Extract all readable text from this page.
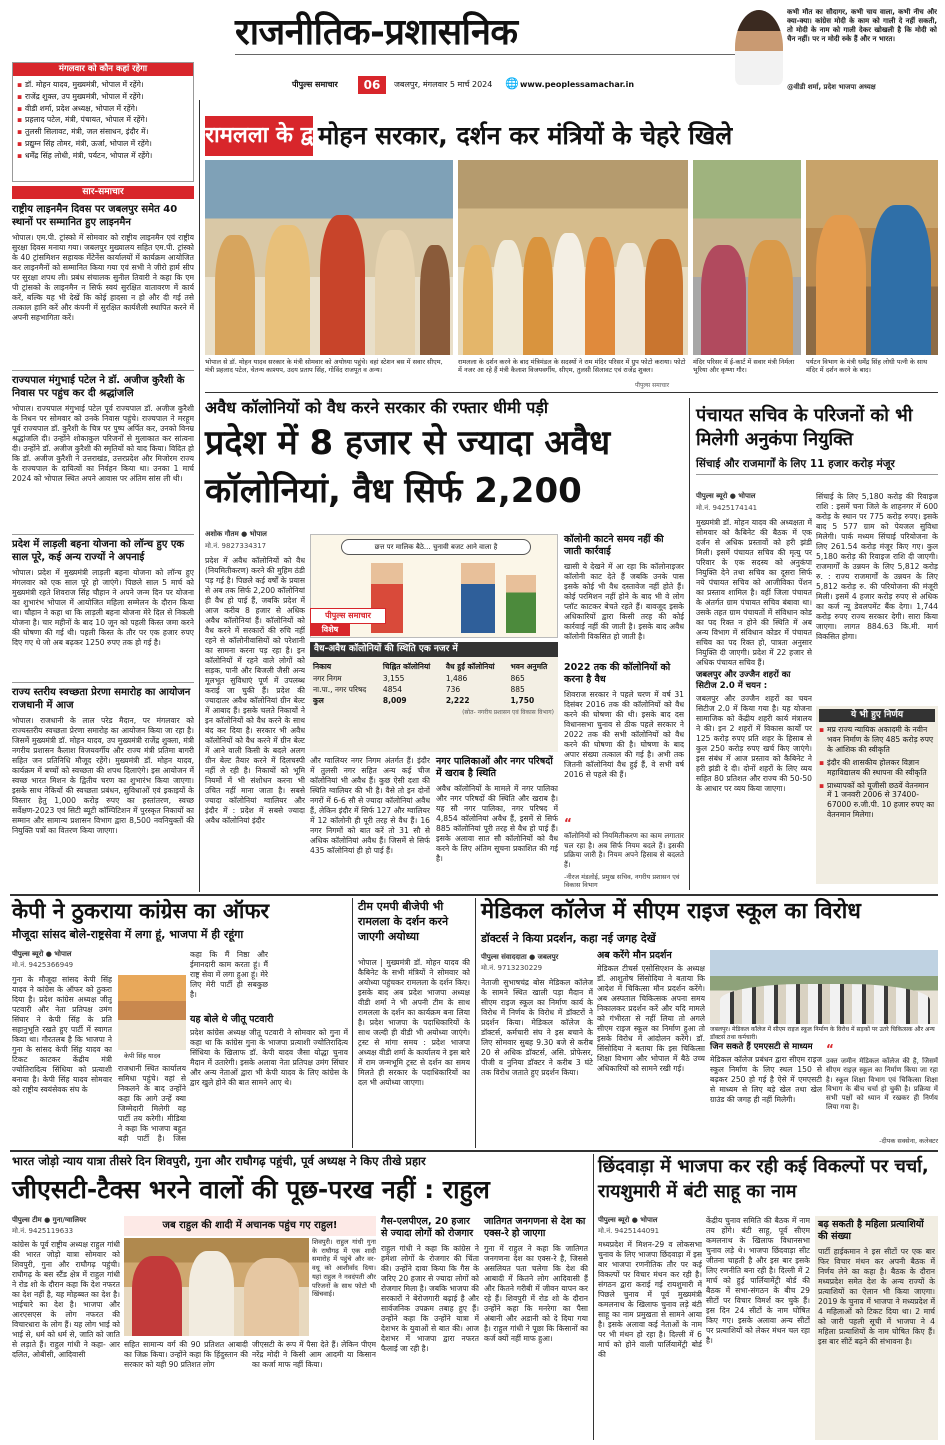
राजनीतिक-प्रशासनिक
पीपुल्स समाचार	06	जबलपुर, मंगलवार 5 मार्च 2024 🌐 www.peoplessamachar.in
कभी मौत का सौदागर, कभी चाय वाला, कभी नीच और क्या-क्या। कांग्रेस मोदी के काम को गाली दे नहीं सकती, तो मोदी के नाम को गाली देकर खोखली है कि मोदी को चैन नहीं। पर न मोदी रुके हैं और न भारत।
@वीडी शर्मा, प्रदेश भाजपा अध्यक्ष
मंगलवार को कौन कहां रहेगा
▪ डॉ. मोहन यादव, मुख्यमंत्री, भोपाल में रहेंगे।
▪ राजेंद्र शुक्ल, उप मुख्यमंत्री, भोपाल में रहेंगे।
▪ वीडी शर्मा, प्रदेश अध्यक्ष, भोपाल में रहेंगे।
▪ प्रहलाद पटेल, मंत्री, पंचायत, भोपाल में रहेंगे।
▪ तुलसी सिलावट, मंत्री, जल संसाधन, इंदौर में।
▪ प्रद्युम्न सिंह तोमर, मंत्री, ऊर्जा, भोपाल में रहेंगे।
▪ धर्मेंद्र सिंह लोधी, मंत्री, पर्यटन, भोपाल में रहेंगे।
सार-समाचार
राष्ट्रीय लाइनमैन दिवस पर जबलपुर समेत 40 स्थानों पर सम्मानित हुए लाइनमैन
भोपाल। एम.पी. ट्रांस्को में सोमवार को राष्ट्रीय लाइनमैन एवं राष्ट्रीय सुरक्षा दिवस मनाया गया। जबलपुर मुख्यालय सहित एम.पी. ट्रांस्को के 40 ट्रांसमिशन सहायक मेंटेनेंस कार्यालयों में कार्यक्रम आयोजित कर लाइनमैनों को सम्मानित किया गया एवं सभी ने जीरो हार्म सीप पर सुरक्षा शपथ ली। प्रबंध संचालक सुनील तिवारी ने कहा कि एम पी ट्रांसको के लाइनमैन न सिर्फ स्वयं सुरक्षित वातावरण में कार्य करें, बल्कि यह भी देखें कि कोई हादसा न हो और दी गई तसे तत्काल हानि करें और कंपनी में सुरक्षित कार्यशैली स्थापित करने में अपनी सहभागिता करें।
राज्यपाल मंगुभाई पटेल ने डॉ. अजीज कुरैशी के निवास पर पहुंच कर दी श्रद्धांजलि
भोपाल। राज्यपाल मंगुभाई पटेल पूर्व राज्यपाल डॉ. अजीज कुरैशी के निधन पर सोमवार को उनके निवास पहुंचे। राज्यपाल ने मरहूम पूर्व राज्यपाल डॉ. कुरैशी के चित्र पर पुष्प अर्पित कर, उनको विनम्र श्रद्धांजलि दी। उन्होंने शोकाकुल परिजनों से मुलाकात कर सांत्वना दी। उन्होंने डॉ. अजीज कुरैशी की स्मृतियों को याद किया। विदित हो कि डॉ. अजीज कुरैशी ने उत्तराखंड, उत्तरप्रदेश और मिजोरम राज्य के राज्यपाल के दायित्वों का निर्वहन किया था। उनका 1 मार्च 2024 को भोपाल स्थित अपने आवास पर अंतिम सांस ली थी।
प्रदेश में लाड़ली बहना योजना को लॉन्च हुए एक साल पूरे, कई अन्य राज्यों ने अपनाई
भोपाल। प्रदेश में मुख्यमंत्री लाड़ली बहना योजना को लॉन्च हुए मंगलवार को एक साल पूरे हो जाएंगे। पिछले साल 5 मार्च को मुख्यमंत्री रहते शिवराज सिंह चौहान ने अपने जन्म दिन पर योजना का शुभारंभ भोपाल में आयोजित महिला सम्मेलन के दौरान किया था। चौहान ने कहा था कि लाड़ली बहना योजना मेरे दिल से निकली योजना है। चार महीनों के बाद 10 जून को पहली किस्त जमा करने की घोषणा की गई थी। पहली किस्त के तौर पर एक हजार रुपए दिए गए थे जो अब बढ़कर 1250 रुपए तक हो गई है।
राज्य स्तरीय स्वच्छता प्रेरणा समारोह का आयोजन राजधानी में आज
भोपाल। राजधानी के लाल परेड मैदान, पर मंगलवार को राज्यस्तरीय स्वच्छता प्रेरणा समारोह का आयोजन किया जा रहा है। जिसमें मुख्यमंत्री डॉ. मोहन यादव, उप मुख्यमंत्री राजेंद्र शुक्ला, मंत्री नगरीय प्रशासन कैलाश विजयवर्गीय और राज्य मंत्री प्रतिमा बागरी सहित जन प्रतिनिधि मौजूद रहेंगे। मुख्यमंत्री डॉ. मोहन यादव, कार्यक्रम में बच्चों को स्वच्छता की शपथ दिलाएंगे। इस आयोजन में स्वच्छ भारत मिशन के द्वितीय चरण का शुभारंभ किया जाएगा। इसके साथ नेकियों की स्वच्छता प्रबंधन, सुविधाओं एवं इकाइयों के विस्तार हेतु 1,000 करोड़ रुपए का हस्तांतरण, स्वच्छ सर्वेक्षण-2023 एवं सिटी ब्यूटी कॉम्पिटिशन में पुरस्कृत निकायों का सम्मान और सामान्य प्रशासन विभाग द्वारा 8,500 नवनियुक्तों की नियुक्ति पत्रों का वितरण किया जाएगा।
रामलला के द्वार
मोहन सरकार, दर्शन कर मंत्रियों के चेहरे खिले
भोपाल से डॉ. मोहन यादव सरकार के मंत्री सोमवार को अयोध्या पहुंचे। वहां स्टेशन बस में सवार सीएम, मंत्री प्रहलाद पटेल, चेतन्य काश्यप, उदय प्रताप सिंह, गोविंद राजपूत व अन्य।
रामलला के दर्शन करने के बाद मंत्रिमंडल के सदस्यों ने राम मंदिर परिसर में ग्रुप फोटो कराया। फोटो में नजर आ रहे हैं मंत्री कैलाश विजयवर्गीय, सीएम, तुलसी सिलावट एवं राजेंद्र शुक्ल।
पीपुल्स समाचार
मंदिर परिसर में ई-कार्ट में सवार मंत्री निर्मला भूरिया और कृष्णा गौर।
पर्यटन विभाग के मंत्री धर्मेंद्र सिंह लोधी पत्नी के साथ मंदिर में दर्शन करने के बाद।
अवैध कॉलोनियों को वैध करने सरकार की रफ्तार धीमी पड़ी
प्रदेश में 8 हजार से ज्यादा अवैध
कॉलोनियां, वैध सिर्फ 2,200
अशोक गौतम ● भोपाल
मो.नं. 9827334317
प्रदेश में अवैध कॉलोनियों को वैध (नियमितीकरण) करने की मुहिम ठंडी पड़ गई है। पिछले कई वर्षों के प्रयास से अब तक सिर्फ 2,200 कॉलोनियां ही वैध हो पाई हैं, जबकि प्रदेश में आज करीब 8 हजार से अधिक अवैध कॉलोनियां हैं। कॉलोनियों को वैध करने में सरकारों की रुचि नहीं रहने से कॉलोनीवासियों को परेशानी का सामना करना पड़ रहा है। इन कॉलोनियों में रहने वाले लोगों को सड़क, पानी और बिजली जैसी अन्य मूलभूत सुविधाएं पूर्ण में उपलब्ध कराई जा चुकी हैं। प्रदेश की ज्यादातर अवैध कॉलोनियां ग्रीन बेल्ट में आबाद हैं। इसके चलते निकायों ने इन कॉलोनियों को वैध करने के साथ बंद कर दिया है। सरकार भी अवैध कॉलोनियों को वैध करने में ग्रीन बेल्ट में आने वाली किसी के बदले अलग ग्रीन बेल्ट तैयार करने में दिलचस्पी नहीं ले रही है। निकायों को भूमि नियमों में भी संशोधन करना भी उचित नहीं माना जाता है। सबसे ज्यादा कॉलोनियां ग्वालियर और इंदौर में : प्रदेश में सबसे ज्यादा अवैध कॉलोनियां इंदौर
छत्त पर मालिक बैठे... चुनावी बजट आने वाला है
पीपुल्स समाचार
विशेष
वैध-अवैध कॉलोनियों की स्थिति एक नजर में
निकाय	चिह्नित कॉलोनियां	वैध हुईं कॉलोनियां	भवन अनुमति
नगर निगम	3,155	1,486	865
ना.पा., नगर परिषद	4854	736	885
कुल	8,009	2,222	1,750
(स्रोत- नगरीय प्रशासन एवं विकास विभाग)
और ग्वालियर नगर निगम अंतर्गत हैं। इंदौर में तुलसी नगर सहित अन्य कई चीज कॉलोनियां भी अवैध हैं। कुछ ऐसी दशा की स्थिति ग्वालियर की भी है। वैसे तो इन दोनों नगरों में 6-6 सौ से ज्यादा कॉलोनियां अवैध हैं, लेकिन इंदौर में सिर्फ 127 और ग्वालियर में 12 कॉलोनी ही पूरी तरह से वैध हैं। 16 नगर निगमों को बात करें तो 31 सौ से अधिक कॉलोनियां अवैध हैं। जिसमें से सिर्फ 435 कॉलोनियां ही हो पाई हैं।
नगर पालिकाओं और नगर परिषदों में खराब है स्थिति
अवैध कॉलोनियों के मामले में नगर पालिका और नगर परिषदों की स्थिति और खराब है। यह सौ नगर पालिका, नगर परिषद में 4,854 कॉलोनियां अवैध हैं, इसमें से सिर्फ 885 कॉलोनियां पूरी तरह से वैध हो पाई हैं। इसके अलावा सात सौ कॉलोनियों को वैध करने के लिए अंतिम सूचना प्रकाशित की गई है।
कॉलोनी काटने समय नहीं की जाती कार्रवाई
खासी ये देखने में आ रहा कि कॉलोनाइजर कॉलोनी काट देते हैं जबकि उनके पास इसके कोई भी वैध दस्तावेज नहीं होते हैं। कोई परमिशन नहीं होने के बाद भी वे लोग प्लॉट काटकर बेचते रहते हैं। बावजूद इसके अधिकारियों द्वारा किसी तरह की कोई कार्रवाई नहीं की जाती है। इसके बाद अवैध कॉलोनी विकसित हो जाती है।
2022 तक की कॉलोनियों को करना है वैध
शिवराज सरकार ने पहले चरण में वर्ष 31 दिसंबर 2016 तक की कॉलोनियों को वैध करने की घोषणा की थी। इसके बाद दस विधानसभा चुनाव से ठीक पहले सरकार ने 2022 तक की सभी कॉलोनियों को वैध करने की घोषणा की है। घोषणा के बाद अपार संख्या तत्काल की गई है। अभी तक जितनी कॉलोनियां वैध हुई हैं, वे सभी वर्ष 2016 से पहले की हैं।
“
कॉलोनियों को नियमितीकरण का काम लगातार चल रहा है। अब सिर्फ नियम बदले हैं। इसकी प्रक्रिया जारी है। नियम अपने हिसाब से बदलते हैं।
-नीरज मंडलोई, प्रमुख सचिव, नगरीय प्रशासन एवं विकास विभाग
पंचायत सचिव के परिजनों को भी मिलेगी अनुकंपा नियुक्ति
सिंचाई और राजमार्गों के लिए 11 हजार करोड़ मंजूर
पीपुल्स ब्यूरो ● भोपाल
मो.नं. 9425174141
मुख्यमंत्री डॉ. मोहन यादव की अध्यक्षता में सोमवार को कैबिनेट की बैठक में एक दर्जन से अधिक प्रस्तावों को हरी झंडी मिली। इसमें पंचायत सचिव की मृत्यु पर परिवार के एक सदस्य को अनुकंपा नियुक्ति देने तथा सचिव का दूसरा सिर्फ नये पंचायत सचिव को आजीविका पेंशन का प्रस्ताव शामिल है। वहीं जिला पंचायत के अंतर्गत ग्राम पंचायत सचिव बंबावा था। उसके तहत ग्राम पंचायतों में संविधान कोड का पद रिक्त न होने की स्थिति में अब अन्य विभाग में संविधान कोडर में पंचायत सचिव का पद रिक्त हो, पात्रता अनुसार नियुक्ति दी जाएगी। प्रदेश में 22 हजार से अधिक पंचायत सचिव हैं।
जबलपुर और उज्जैन शहरों का सिटीज 2.0 में चयन :
जबलपुर और उज्जैन शहरों का चयन सिटीज 2.0 में किया गया है। यह योजना सामाजिक को केंद्रीय शहरी कार्य मंत्रालय ने की। इन 2 शहरों में विकास कार्यों पर 125 करोड़ रुपए प्रति शहर के हिसाब से कुल 250 करोड़ रुपए खर्च किए जाएंगे। इस संबंध में आज प्रस्ताव को कैबिनेट ने हरी झंडी दे दी। दोनों शहरों के लिए व्यय सहित 80 प्रतिशत और राज्य की 50-50 के आधार पर व्यय किया जाएगा।
सिंचाई के लिए 5,180 करोड़ की रिवाइज राशि : इसमें चना जिले के शाहनगर में 600 करोड़ के स्थान पर 775 करोड़ रुपए। इसके बाद 5 577 ग्राम को पेयजल सुविधा मिलेगी। पार्क मध्यम सिंचाई परियोजना के लिए 261.54 करोड़ मंजूर किए गए। कुल 5,180 करोड़ की रिवाइज राशि दी जाएगी। राजमार्गों के उन्नयन के लिए 5,812 करोड़ रु. : राज्य राजमार्गों के उन्नयन के लिए 5,812 करोड़ रु. की परियोजना की मंजूरी मिली। इसमें 4 हजार करोड़ रुपए से अधिक का कर्ज न्यू डेवलपमेंट बैंक देगा। 1,744 करोड़ रुपए राज्य सरकार देगी। सारा किया जाएगा। लागत 884.63 कि.मी. मार्ग विकसित होगा।
ये भी हुए निर्णय
▪ मप्र राज्य न्यायिक अकादमी के नवीन भवन निर्माण के लिए 485 करोड़ रुपए के आंशिक की स्वीकृति
▪ इंदौर की शासकीय होलकर विज्ञान महाविद्यालय की स्थापना की स्वीकृति
▪ प्राध्यापकों को यूजीसी छठवें वेतनमान में 1 जनवरी 2006 से 37400-67000 रु.जी.पी. 10 हजार रुपए का वेतनमान मिलेगा।
केपी ने ठुकराया कांग्रेस का ऑफर
मौजूदा सांसद बोले-राष्ट्रसेवा में लगा हूं, भाजपा में ही रहूंगा
पीपुल्स ब्यूरो ● भोपाल
मो.नं. 9425366949
गुना के मौजूदा सांसद केपी सिंह यादव ने कांग्रेस के ऑफर को ठुकरा दिया है। प्रदेश कांग्रेस अध्यक्ष जीतू पटवारी और नेता प्रतिपक्ष उमंग सिंघार ने केपी सिंह के प्रति सहानुभूति रखते हुए पार्टी में स्वागत किया था। गौरतलब है कि भाजपा ने गुना के सांसद केपी सिंह यादव का टिकट काटकर केंद्रीय मंत्री ज्योतिरादित्य सिंधिया को प्रत्याशी बनाया है। केपी सिंह यादव सोमवार को राष्ट्रीय स्वयंसेवक संघ के
केपी सिंह यादव
राजधानी स्थित कार्यालय समिधा पहुंचे। वहां से निकलने के बाद उन्होंने कहा कि आगे उन्हें क्या जिम्मेदारी मिलेगी वह पार्टी तय करेगी। मीडिया ने कहा कि भाजपा बहुत बड़ी पार्टी है। जिस
कहा कि मैं निष्ठा और ईमानदारी काम करता हूं। मैं राष्ट्र सेवा में लगा हुआ हूं। मेरे लिए मेरी पार्टी ही सबकुछ है।
यह बोले थे जीतू पटवारी
प्रदेश कांग्रेस अध्यक्ष जीतू पटवारी ने सोमवार को गुना में कहा था कि कांग्रेस गुना के भाजपा प्रत्याशी ज्योतिरादित्य सिंधिया के खिलाफ डॉ. केपी यादव जैसा योद्धा चुनाव मैदान में उतारेगी। इसके अलावा नेता प्रतिपक्ष उमंग सिंघार और अन्य नेताओं द्वारा भी केपी यादव के लिए कांग्रेस के द्वार खुले होने की बात सामने आए थे।
टीम एमपी बीजेपी भी रामलला के दर्शन करने जाएगी अयोध्या
भोपाल | मुख्यमंत्री डॉ. मोहन यादव की कैबिनेट के सभी मंत्रियों ने सोमवार को अयोध्या पहुंचकर रामलला के दर्शन किए। इसके बाद अब प्रदेश भाजपा अध्यक्ष वीडी शर्मा ने भी अपनी टीम के साथ रामलला के दर्शन का कार्यक्रम बना लिया है। प्रदेश भाजपा के पदाधिकारियों के साथ जल्दी ही वीडी भी अयोध्या जाएंगे। ट्रस्ट से मांगा समय : प्रदेश भाजपा अध्यक्ष वीडी शर्मा के कार्यालय ने इस बारे में राम जन्मभूमि ट्रस्ट से दर्शन का समय मिलते ही सरकार के पदाधिकारियों का दल भी अयोध्या जाएगा।
मेडिकल कॉलेज में सीएम राइज स्कूल का विरोध
डॉक्टर्स ने किया प्रदर्शन, कहा नई जगह देखें
पीपुल्स संवाददाता ● जबलपुर
मो.नं. 9713230229
नेताजी सुभाषचंद्र बोस मेडिकल कॉलेज के सामने स्थित खाली पड़ा मैदान में सीएम राइज स्कूल का निर्माण कार्य के विरोध में निर्णय के विरोध में डॉक्टरों ने प्रदर्शन किया। मेडिकल कॉलेज के डॉक्टर्स, कर्मचारी संघ ने इस बचाने के लिए सोमवार सुबह 9.30 बजे से करीब 20 से अधिक डॉक्टर्स, असि. प्रोफेसर, पीजी व नुनिया डॉक्टर ने करीब 3 घंटे तक विरोध जताते हुए प्रदर्शन किया।
अब करेंगे मौन प्रदर्शन
मेडिकल टीचर्स एसोसिएशन के अध्यक्ष डॉ. आशुतोष सिंसोदिया ने बताया कि आदेश में चिकित्सा मौन प्रदर्शन करेंगे। अब अस्पताल चिकित्सक अपना समय निकालकर प्रदर्शन करें और यदि मामले को गंभीरता से नहीं लिया तो अगले सीएम राइज स्कूल का निर्माण हुआ तो इसके विरोध में आंदोलन करेंगे। डॉ. सिंसोदिया ने बताया कि इस चिकित्सा शिक्षा विभाग और भोपाल में बैठे उच्च अधिकारियों को सामने रखी गई।
जबलपुर। मेडिकल कॉलेज में सीएम राइज स्कूल निर्माण के विरोध में सड़कों पर उतरे चिकित्सक और अन्य डॉक्टर्स तथा कर्मचारी।
जिन सकते हैं एमएसटी से माध्यम
मेडिकल कॉलेज प्रबंधन द्वारा सीएम राइज स्कूल निर्माण के लिए स्थल 150 से बढ़कर 250 हो गई है ऐसे में एमएसटी से माध्यम से लिए बड़े खेल तथा खेल ग्राउंड की जगह ही नहीं मिलेगी।
“
उक्त जमीन मेडिकल कॉलेज की है, जिसमें सीएम राइज़ स्कूल का निर्माण किया जा रहा है। स्कूल शिक्षा विभाग एवं चिकित्सा शिक्षा विभाग के बीच चर्चा हो चुकी है। प्रक्रिया में सभी पक्षों को ध्यान में रखकर ही निर्णय लिया गया है।
-दीपक सक्सेना, कलेक्टर
भारत जोड़ो न्याय यात्रा तीसरे दिन शिवपुरी, गुना और राघौगढ़ पहुंची, पूर्व अध्यक्ष ने किए तीखे प्रहार
जीएसटी-टैक्स भरने वालों की पूछ-परख नहीं : राहुल
पीपुल्स टीम ● गुना/ग्वालियर
मो.नं. 9425119633
कांग्रेस के पूर्व राष्ट्रीय अध्यक्ष राहुल गांधी की भारत जोड़ो यात्रा सोमवार को शिवपुरी, गुना और राघौगढ़ पहुंची। राघौगढ़ के बस स्टैंड क्षेत्र में राहुल गांधी ने रोड शो के दौरान कहा कि देश नफरत का देश नहीं है, यह मोहब्बत का देश है। भाईचारे का देश है। भाजपा और आरएसएस के लोग नफरत की विचारधारा के लोग हैं। यह लोग भाई को भाई से, धर्म को धर्म से, जाति को जाति से लड़ाते हैं। राहुल गांधी ने कहा- आर दलित, ओबीसी, आदिवासी
जब राहुल की शादी में अचानक पहुंच गए राहुल!
शिवपुरी। राहुल गांधी गुना के राघौगढ़ में एक शादी समारोह में पहुंचे और वर-वधू को आशीर्वाद दिया। यहां राहुल ने नवदंपती और परिजनों के साथ फोटो भी खिंचवाई।
सहित सामान्य वर्ग की 90 प्रतिशत आबादी का जिक्र किया। उन्होंने कहा कि हिंदुस्तान की सरकार को यही 90 प्रतिशत लोग
जीएसटी के रूप में पैसा देते हैं। लेकिन पीएम नरेंद्र मोदी ने किसी आम आदमी या किसान का कर्जा माफ नहीं किया।
गैस-एलपीएल, 20 हजार से ज्यादा लोगों को रोजगार
राहुल गांधी ने कहा कि कांग्रेस ने हमेशा लोगों के रोजगार की चिंता की। उन्होंने दावा किया कि गैस के जरिए 20 हजार से ज्यादा लोगों को रोजगार मिला है। जबकि भाजपा की सरकारों ने बेरोजगारी बढ़ाई है और सार्वजनिक उपक्रम तबाह हुए हैं। उन्होंने कहा कि उन्होंने यात्रा में देशभर के युवाओं से बात की। आज देशभर में भाजपा द्वारा नफरत फैलाई जा रही है।
जातिगत जनगणना से देश का एक्स-रे हो जाएगा
गुना में राहुल ने कहा कि जातिगत जनगणना देश का एक्स-रे है, जिससे असलियत पता चलेगा कि देश की आबादी में कितने लोग आदिवासी हैं और कितने गरीबी में जीवन यापन कर रहे हैं। शिवपुरी में रोड शो के दौरान उन्होंने कहा कि मनरेगा का पैसा अंबानी और अडानी को दे दिया गया है। राहुल गांधी ने पूछा कि किसानों का कर्ज क्यों नहीं माफ हुआ।
छिंदवाड़ा में भाजपा कर रही कई विकल्पों पर चर्चा, रायशुमारी में बंटी साहू का नाम
पीपुल्स ब्यूरो ● भोपाल
मो.नं. 9425144091
मध्यप्रदेश में मिशन-29 व लोकसभा चुनाव के लिए भाजपा छिंदवाड़ा में इस बार भाजपा रणनीतिक तौर पर कई विकल्पों पर विचार मंथन कर रही है। संगठन द्वारा कराई गई रायशुमारी में पिछले चुनाव में पूर्व मुख्यमंत्री कमलनाथ के खिलाफ चुनाव लड़े बंटी साहू का नाम प्रमुखता से सामने आया है। इसके अलावा कई नेताओं के नाम पर भी मंथन हो रहा है। दिल्ली में 6 मार्च को होने वाली पार्लियामेंट्री बोर्ड की
केंद्रीय चुनाव समिति की बैठक में नाम तय होंगे। बंटी साहू, पूर्व सीएम कमलनाथ के खिलाफ विधानसभा चुनाव लड़े थे। भाजपा छिंदवाड़ा सीट जीतना चाहती है और इस बार इसके लिए रणनीति बना रही है। दिल्ली में 2 मार्च को हुई पार्लियामेंट्री बोर्ड की बैठक में सभा-संगठन के बीच 29 सीटों पर विचार विमर्श कर चुके हैं। इस दिन 24 सीटों के नाम घोषित किए गए। इसके अलावा अन्य सीटों पर प्रत्याशियों को लेकर मंथन चल रहा है।
बढ़ सकती है महिला प्रत्याशियों की संख्या
पार्टी हाईकमान ने इस सीटों पर एक बार फिर विचार मंथन कर अपनी बैठक में निर्णय लेने का कहा है। बैठक के दौरान मध्यप्रदेश समेत देश के अन्य राज्यों के प्रत्याशियों का ऐलान भी किया जाएगा। 2019 के चुनाव में भाजपा ने मध्यप्रदेश में 4 महिलाओं को टिकट दिया था। 2 मार्च को जारी पहली सूची में भाजपा ने 4 महिला प्रत्याशियों के नाम घोषित किए हैं। इस बार सीटें बढ़ने की संभावना है।
